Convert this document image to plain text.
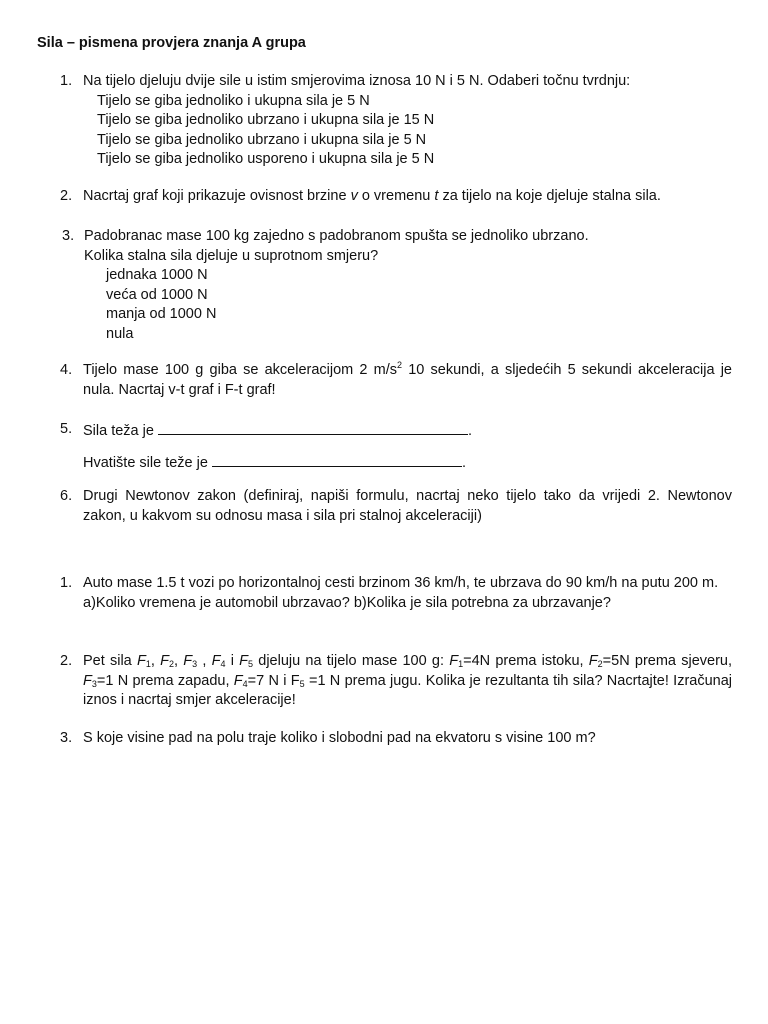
Sila – pismena provjera znanja A grupa
1. Na tijelo djeluju dvije sile u istim smjerovima iznosa 10 N i 5 N. Odaberi točnu tvrdnju:
Tijelo se giba jednoliko i ukupna sila je 5 N
Tijelo se giba jednoliko ubrzano i ukupna sila je 15 N
Tijelo se giba jednoliko ubrzano i ukupna sila je 5 N
Tijelo se giba jednoliko usporeno i ukupna sila je 5 N
2. Nacrtaj graf koji prikazuje ovisnost brzine v o vremenu t za tijelo na koje djeluje stalna sila.
3. Padobranac mase 100 kg zajedno s padobranom spušta se jednoliko ubrzano.
Kolika stalna sila djeluje u suprotnom smjeru?
jednaka 1000 N
veća od 1000 N
manja od 1000 N
nula
4. Tijelo mase 100 g giba se akceleracijom 2 $m/s^2$ 10 sekundi, a sljedećih 5 sekundi akceleracija je nula. Nacrtaj v-t graf i F-t graf!
5. Sila teža je	.
Hvatište sile teže je	.
6. Drugi Newtonov zakon (definiraj, napiši formulu, nacrtaj neko tijelo tako da vrijedi 2. Newtonov zakon, u kakvom su odnosu masa i sila pri stalnoj akceleraciji)
1. Auto mase 1.5 t vozi po horizontalnoj cesti brzinom 36 km/h, te ubrzava do 90 km/h na putu 200 m.
a)Koliko vremena je automobil ubrzavao? b)Kolika je sila potrebna za ubrzavanje?
2. Pet sila $F_1$, $F_2$, $F_3$ , $F_4$ i $F_5$ djeluju na tijelo mase 100 g: $F_1=4N$ prema istoku, $F_2=5N$ prema sjeveru, $F_3=1$ N prema zapadu, $F_4=7$ N i $F_5 =1$ N prema jugu. Kolika je rezultanta tih sila? Nacrtajte! Izračunaj iznos i nacrtaj smjer akceleracije!
3. S koje visine pad na polu traje koliko i slobodni pad na ekvatoru s visine 100 m?
